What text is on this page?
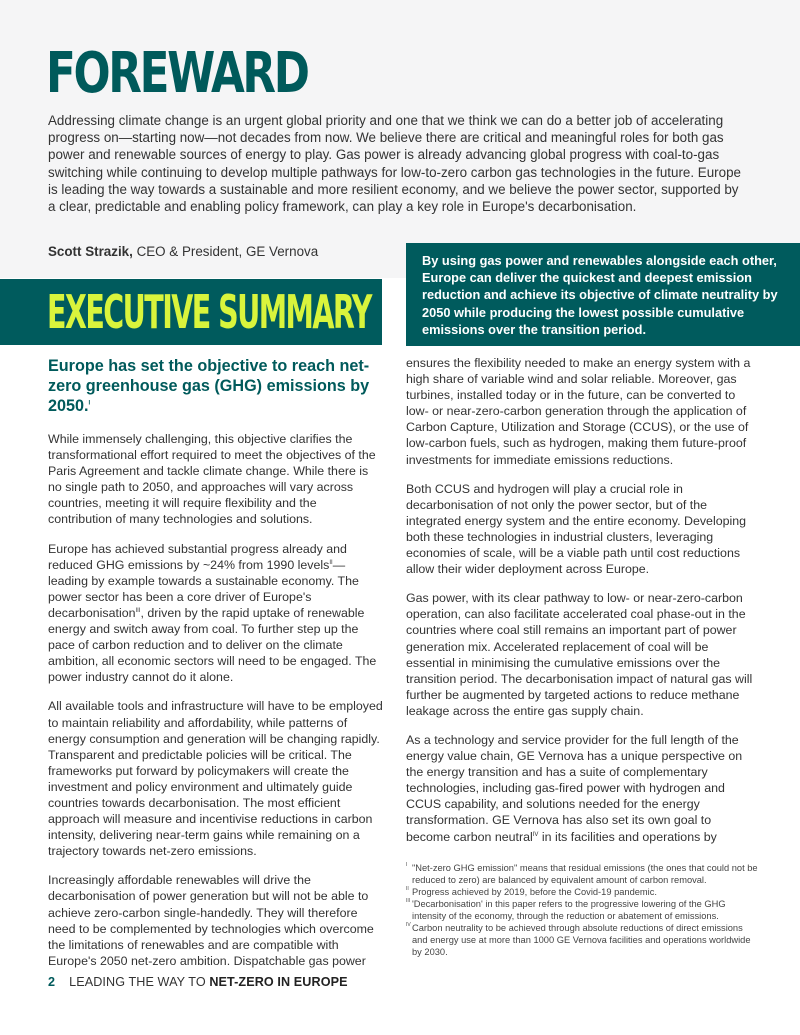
FOREWARD

Addressing climate change is an urgent global priority and one that we think we can do a better job of accelerating progress on—starting now—not decades from now. We believe there are critical and meaningful roles for both gas power and renewable sources of energy to play. Gas power is already advancing global progress with coal-to-gas switching while continuing to develop multiple pathways for low-to-zero carbon gas technologies in the future. Europe is leading the way towards a sustainable and more resilient economy, and we believe the power sector, supported by a clear, predictable and enabling policy framework, can play a key role in Europe's decarbonisation.

Scott Strazik, CEO & President, GE Vernova

EXECUTIVE SUMMARY
By using gas power and renewables alongside each other, Europe can deliver the quickest and deepest emission reduction and achieve its objective of climate neutrality by 2050 while producing the lowest possible cumulative emissions over the transition period.
Europe has set the objective to reach net-zero greenhouse gas (GHG) emissions by 2050.$^I$

While immensely challenging, this objective clarifies the transformational effort required to meet the objectives of the Paris Agreement and tackle climate change. While there is no single path to 2050, and approaches will vary across countries, meeting it will require flexibility and the contribution of many technologies and solutions.

Europe has achieved substantial progress already and reduced GHG emissions by ~24% from 1990 levels$^{II}$—leading by example towards a sustainable economy. The power sector has been a core driver of Europe's decarbonisation$^{III}$, driven by the rapid uptake of renewable energy and switch away from coal. To further step up the pace of carbon reduction and to deliver on the climate ambition, all economic sectors will need to be engaged. The power industry cannot do it alone.

All available tools and infrastructure will have to be employed to maintain reliability and affordability, while patterns of energy consumption and generation will be changing rapidly. Transparent and predictable policies will be critical. The frameworks put forward by policymakers will create the investment and policy environment and ultimately guide countries towards decarbonisation. The most efficient approach will measure and incentivise reductions in carbon intensity, delivering near-term gains while remaining on a trajectory towards net-zero emissions.

Increasingly affordable renewables will drive the decarbonisation of power generation but will not be able to achieve zero-carbon single-handedly. They will therefore need to be complemented by technologies which overcome the limitations of renewables and are compatible with Europe's 2050 net-zero ambition. Dispatchable gas power

ensures the flexibility needed to make an energy system with a high share of variable wind and solar reliable. Moreover, gas turbines, installed today or in the future, can be converted to low- or near-zero-carbon generation through the application of Carbon Capture, Utilization and Storage (CCUS), or the use of low-carbon fuels, such as hydrogen, making them future-proof investments for immediate emissions reductions.

Both CCUS and hydrogen will play a crucial role in decarbonisation of not only the power sector, but of the integrated energy system and the entire economy. Developing both these technologies in industrial clusters, leveraging economies of scale, will be a viable path until cost reductions allow their wider deployment across Europe.

Gas power, with its clear pathway to low- or near-zero-carbon operation, can also facilitate accelerated coal phase-out in the countries where coal still remains an important part of power generation mix. Accelerated replacement of coal will be essential in minimising the cumulative emissions over the transition period. The decarbonisation impact of natural gas will further be augmented by targeted actions to reduce methane leakage across the entire gas supply chain.

As a technology and service provider for the full length of the energy value chain, GE Vernova has a unique perspective on the energy transition and has a suite of complementary technologies, including gas-fired power with hydrogen and CCUS capability, and solutions needed for the energy transformation. GE Vernova has also set its own goal to become carbon neutral$^{IV}$ in its facilities and operations by

I "Net-zero GHG emission" means that residual emissions (the ones that could not be reduced to zero) are balanced by equivalent amount of carbon removal.

II Progress achieved by 2019, before the Covid-19 pandemic.

III 'Decarbonisation' in this paper refers to the progressive lowering of the GHG intensity of the economy, through the reduction or abatement of emissions.

IV Carbon neutrality to be achieved through absolute reductions of direct emissions and energy use at more than 1000 GE Vernova facilities and operations worldwide by 2030.

2 LEADING THE WAY TO NET-ZERO IN EUROPE
